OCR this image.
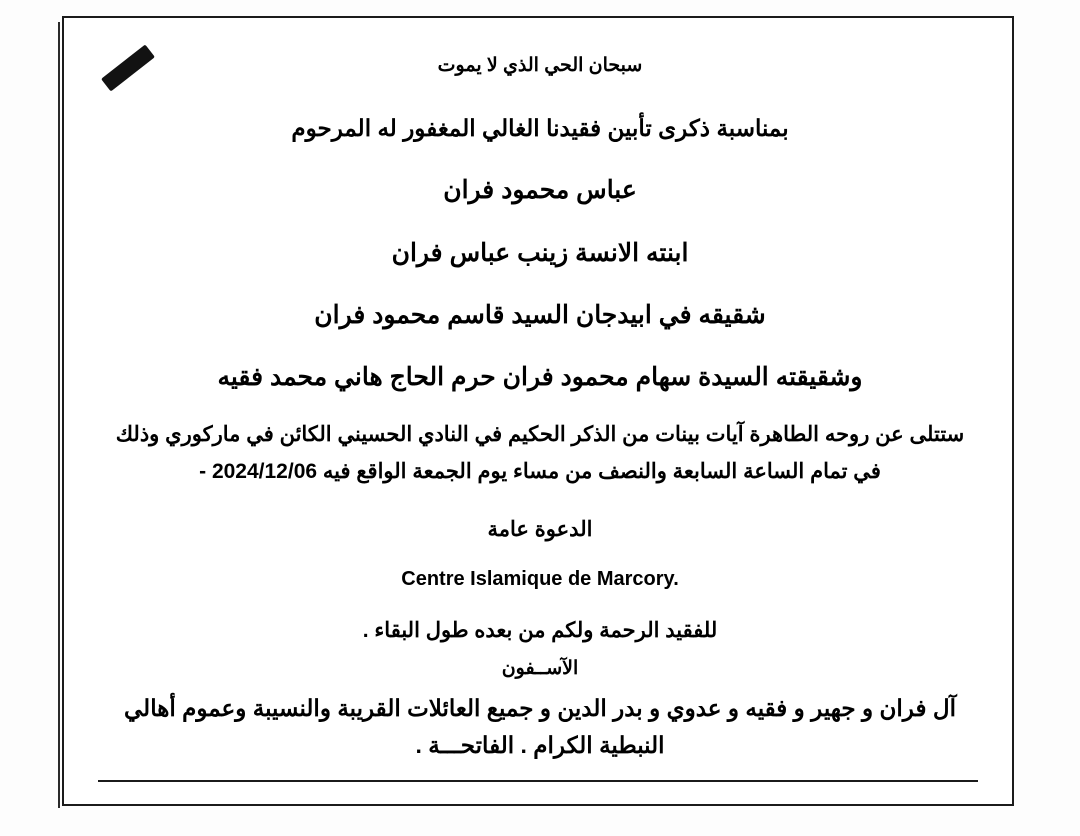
سبحان الحي الذي لا يموت

بمناسبة ذكرى تأبين فقيدنا الغالي المغفور له المرحوم

عباس محمود فران

ابنته الانسة زينب عباس فران

شقيقه في ابيدجان السيد قاسم محمود فران

وشقيقته السيدة سهام محمود فران حرم الحاج هاني محمد فقيه

ستتلى عن روحه الطاهرة آيات بينات من الذكر الحكيم في النادي الحسيني الكائن في ماركوري وذلك في تمام الساعة السابعة والنصف من مساء يوم الجمعة الواقع فيه 2024/12/06 -

الدعوة عامة

Centre Islamique de Marcory.

للفقيد الرحمة ولكم من بعده طول البقاء .

الآســفون

آل فران و جهير و فقيه و عدوي و بدر الدين و جميع العائلات القريبة والنسيبة وعموم أهالي النبطية الكرام . الفاتحـــة .
